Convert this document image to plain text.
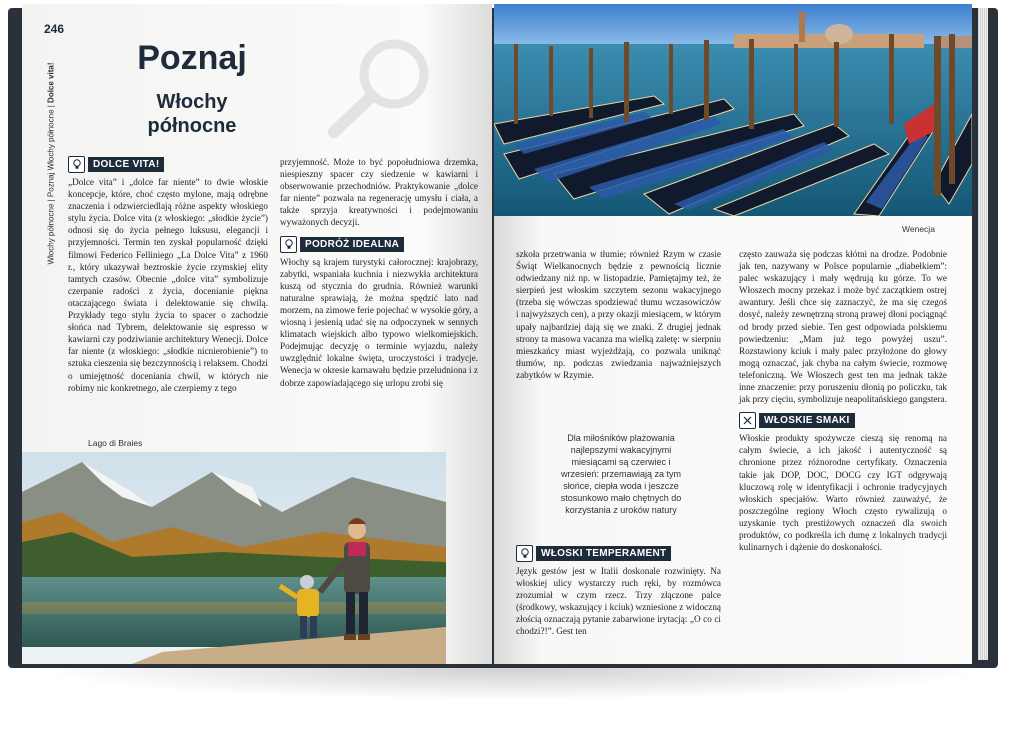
246
Włochy północne | Poznaj Włochy północne | Dolce vita!
Poznaj
Włochy
północne
DOLCE VITA!

„Dolce vita” i „dolce far niente” to dwie włoskie koncepcje, które, choć często mylone, mają odrębne znaczenia i odzwierciedlają różne aspekty włoskiego stylu życia. Dolce vita (z włoskiego: „słodkie życie”) odnosi się do życia pełnego luksusu, elegancji i przyjemności. Termin ten zyskał popularność dzięki filmowi Federico Felliniego „La Dolce Vita” z 1960 r., który ukazywał beztroskie życie rzymskiej elity tamtych czasów. Obecnie „dolce vita” symbolizuje czerpanie radości z życia, docenianie piękna otaczającego świata i delektowanie się chwilą. Przykłady tego stylu życia to spacer o zachodzie słońca nad Tybrem, delektowanie się espresso w kawiarni czy podziwianie architektury Wenecji. Dolce far niente (z włoskiego: „słodkie nicnierobienie”) to sztuka cieszenia się bezczynnością i relaksem. Chodzi o umiejętność doceniania chwil, w których nie robimy nic konkretnego, ale czerpiemy z tego

przyjemność. Może to być popołudniowa drzemka, niespieszny spacer czy siedzenie w kawiarni i obserwowanie przechodniów. Praktykowanie „dolce far niente” pozwala na regenerację umysłu i ciała, a także sprzyja kreatywności i podejmowaniu wyważonych decyzji.

PODRÓŻ IDEALNA

Włochy są krajem turystyki całorocznej: krajobrazy, zabytki, wspaniała kuchnia i niezwykła architektura kuszą od stycznia do grudnia. Również warunki naturalne sprawiają, że można spędzić lato nad morzem, na zimowe ferie pojechać w wysokie góry, a wiosną i jesienią udać się na odpoczynek w sennych klimatach wiejskich albo typowo wielkomiejskich. Podejmując decyzję o terminie wyjazdu, należy uwzględnić lokalne święta, uroczystości i tradycje. Wenecja w okresie karnawału będzie przeludniona i z dobrze zapowiadającego się urlopu zrobi się

Lago di Braies
Wenecja

szkoła przetrwania w tłumie; również Rzym w czasie Świąt Wielkanocnych będzie z pewnością licznie odwiedzany niż np. w listopadzie. Pamiętajmy też, że sierpień jest włoskim szczytem sezonu wakacyjnego (trzeba się wówczas spodziewać tłumu wczasowiczów i najwyższych cen), a przy okazji miesiącem, w którym upały najbardziej dają się we znaki. Z drugiej jednak strony ta masowa vacanza ma wielką zaletę: w sierpniu mieszkańcy miast wyjeżdżają, co pozwala uniknąć tłumów, np. podczas zwiedzania najważniejszych zabytków w Rzymie.

Dla miłośników plażowania najlepszymi wakacyjnymi miesiącami są czerwiec i wrzesień: przemawiają za tym słońce, ciepła woda i jeszcze stosunkowo mało chętnych do korzystania z uroków natury
WŁOSKI TEMPERAMENT

Język gestów jest w Italii doskonale rozwinięty. Na włoskiej ulicy wystarczy ruch ręki, by rozmówca zrozumiał w czym rzecz. Trzy złączone palce (środkowy, wskazujący i kciuk) wzniesione z widoczną złością oznaczają pytanie zabarwione irytacją: „O co ci chodzi?!”. Gest ten

często zauważa się podczas kłótni na drodze. Podobnie jak ten, nazywany w Polsce popularnie „diabełkiem”: palec wskazujący i mały wędrują ku górze. To we Włoszech mocny przekaz i może być zaczątkiem ostrej awantury. Jeśli chce się zaznaczyć, że ma się czegoś dosyć, należy zewnętrzną stroną prawej dłoni pociągnąć od brody przed siebie. Ten gest odpowiada polskiemu powiedzeniu: „Mam już tego powyżej uszu”. Rozstawiony kciuk i mały palec przyłożone do głowy mogą oznaczać, jak chyba na całym świecie, rozmowę telefoniczną. We Włoszech gest ten ma jednak także inne znaczenie: przy poruszeniu dłonią po policzku, tak jak przy cięciu, symbolizuje neapolitańskiego gangstera.

WŁOSKIE SMAKI

Włoskie produkty spożywcze cieszą się renomą na całym świecie, a ich jakość i autentyczność są chronione przez różnorodne certyfikaty. Oznaczenia takie jak DOP, DOC, DOCG czy IGT odgrywają kluczową rolę w identyfikacji i ochronie tradycyjnych włoskich specjałów. Warto również zauważyć, że poszczególne regiony Włoch często rywalizują o uzyskanie tych prestiżowych oznaczeń dla swoich produktów, co podkreśla ich dumę z lokalnych tradycji kulinarnych i dążenie do doskonałości.
